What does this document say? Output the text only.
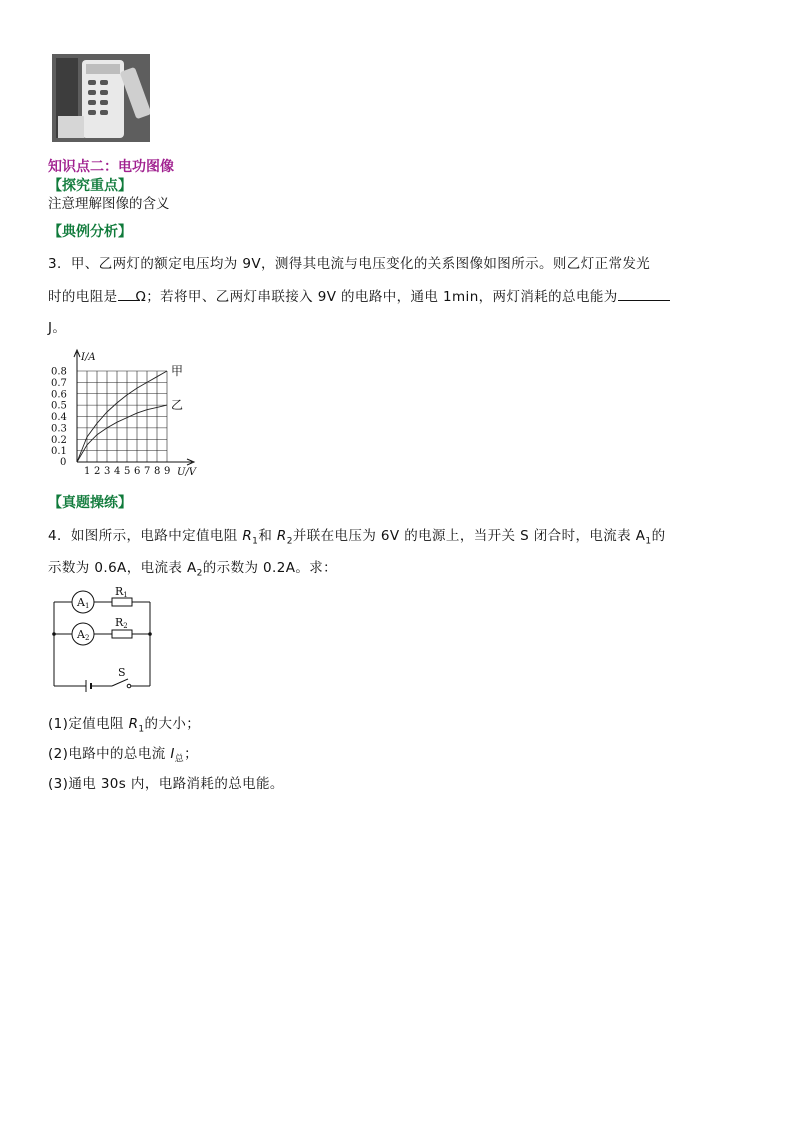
知识点二：电功图像
【探究重点】
注意理解图像的含义
【典例分析】
3．甲、乙两灯的额定电压均为 9V，测得其电流与电压变化的关系图像如图所示。则乙灯正常发光
时的电阻是 Ω；若将甲、乙两灯串联接入 9V 的电路中，通电 1min，两灯消耗的总电能为
J。
甲
乙
1 2 3 4 5 6 7 8 9
0.8
0.7
0.6
0.5
0.4
0.3
0.2
0.1
0
I/A
U/V
【真题操练】
4．如图所示，电路中定值电阻 $R_1$和 $R_2$并联在电压为 6V 的电源上，当开关 S 闭合时，电流表 $A_1$的
示数为 0.6A，电流表 $A_2$的示数为 0.2A。求：
A1
A2
R1
R2
S
(1)定值电阻 $R_1$的大小；
(2)电路中的总电流 $I_总$；
(3)通电 30s 内，电路消耗的总电能。
